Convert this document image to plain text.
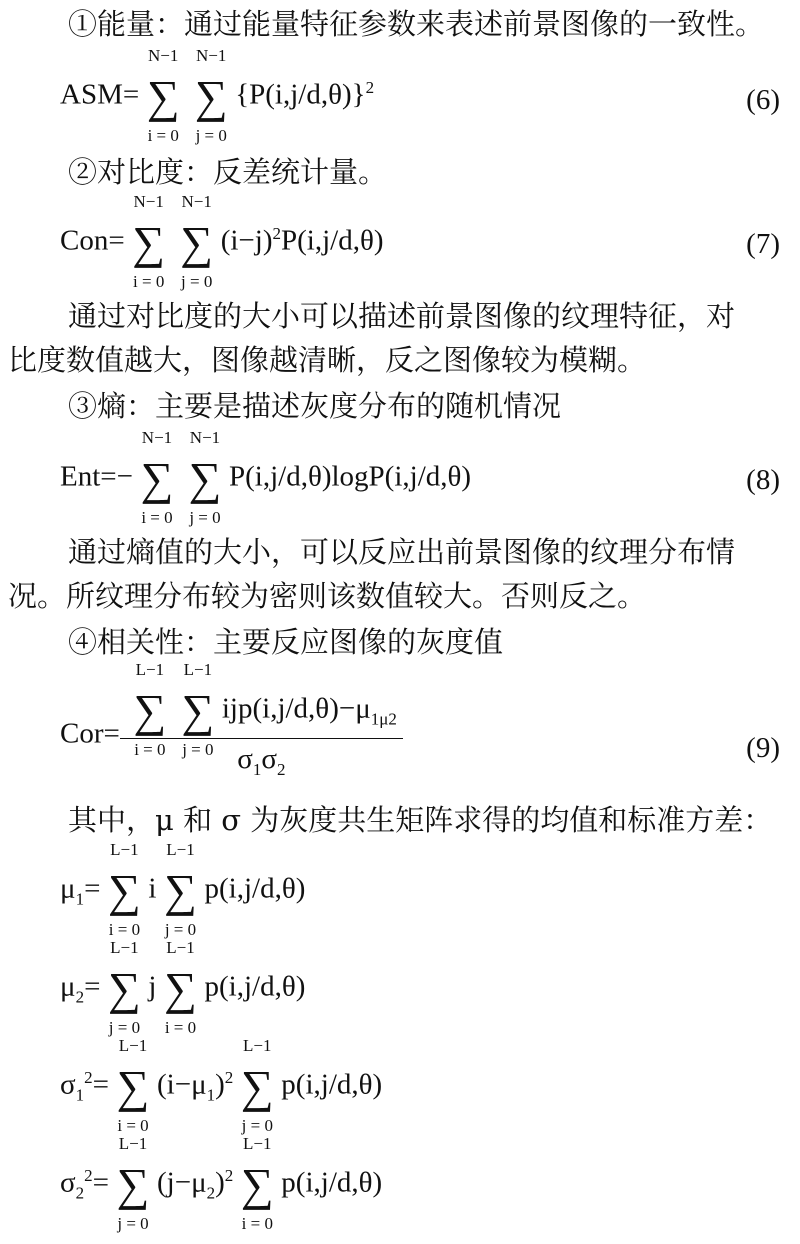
①能量：通过能量特征参数来表述前景图像的一致性。
ASM=
N−1
∑
i = 0
N−1
∑
j = 0
$\{P(i,j/d,\theta)\}^2$	(6)
②对比度：反差统计量。
Con=
N−1
∑
i = 0
N−1
∑
j = 0
$(i-j)^2P(i,j/d,\theta)$	(7)
通过对比度的大小可以描述前景图像的纹理特征，对
比度数值越大，图像越清晰，反之图像较为模糊。
③熵：主要是描述灰度分布的随机情况
Ent=−
N−1
∑
i = 0
N−1
∑
j = 0
P(i,j/d,θ)logP(i,j/d,θ)	(8)
通过熵值的大小，可以反应出前景图像的纹理分布情
况。所纹理分布较为密则该数值较大。否则反之。
④相关性：主要反应图像的灰度值
Cor= L−1
∑
i = 0
L−1
∑
j = 0
$ijp(i,j/d,\theta)-\mu_{1\mu 2}$
$\sigma_1\sigma_2$	(9)
其中，μ 和 σ 为灰度共生矩阵求得的均值和标准方差：
$\mu_1=$
L−1
∑
i = 0
i
L−1
∑
j = 0
p(i,j/d,θ)
$\mu_2=$
L−1
∑
j = 0
j
L−1
∑
i = 0
p(i,j/d,θ)
$\sigma_1^2=$
L−1
∑
i = 0
$(i-\mu_1)^2$
L−1
∑
j = 0
p(i,j/d,θ)
$\sigma_2^2=$
L−1
∑
j = 0
$(j-\mu_2)^2$
L−1
∑
i = 0
p(i,j/d,θ)
